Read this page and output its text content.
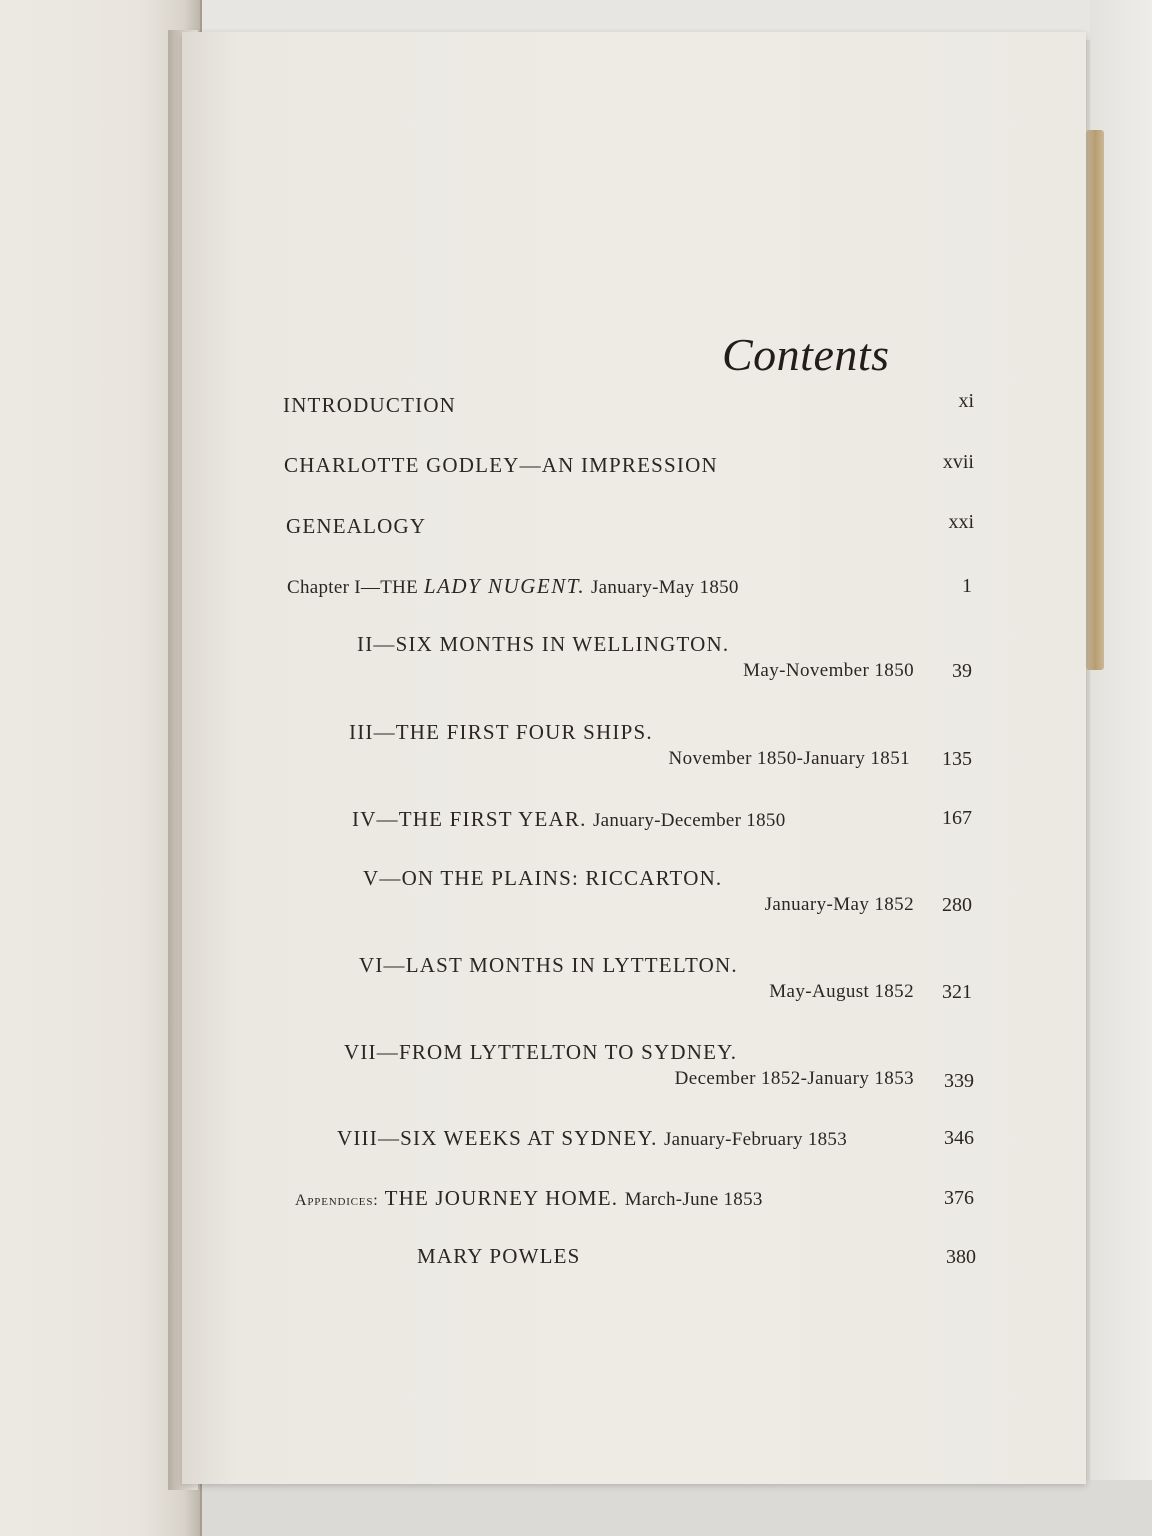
Contents
INTRODUCTION	xi
CHARLOTTE GODLEY—AN IMPRESSION	xvii
GENEALOGY	xxi
Chapter I—THE LADY NUGENT. January-May 1850	1
II—SIX MONTHS IN WELLINGTON.
May-November 1850	39
III—THE FIRST FOUR SHIPS.
November 1850-January 1851	135
IV—THE FIRST YEAR. January-December 1850	167
V—ON THE PLAINS: RICCARTON.
January-May 1852	280
VI—LAST MONTHS IN LYTTELTON.
May-August 1852	321
VII—FROM LYTTELTON TO SYDNEY.
December 1852-January 1853	339
VIII—SIX WEEKS AT SYDNEY. January-February 1853	346
Appendices: THE JOURNEY HOME. March-June 1853	376
MARY POWLES	380
